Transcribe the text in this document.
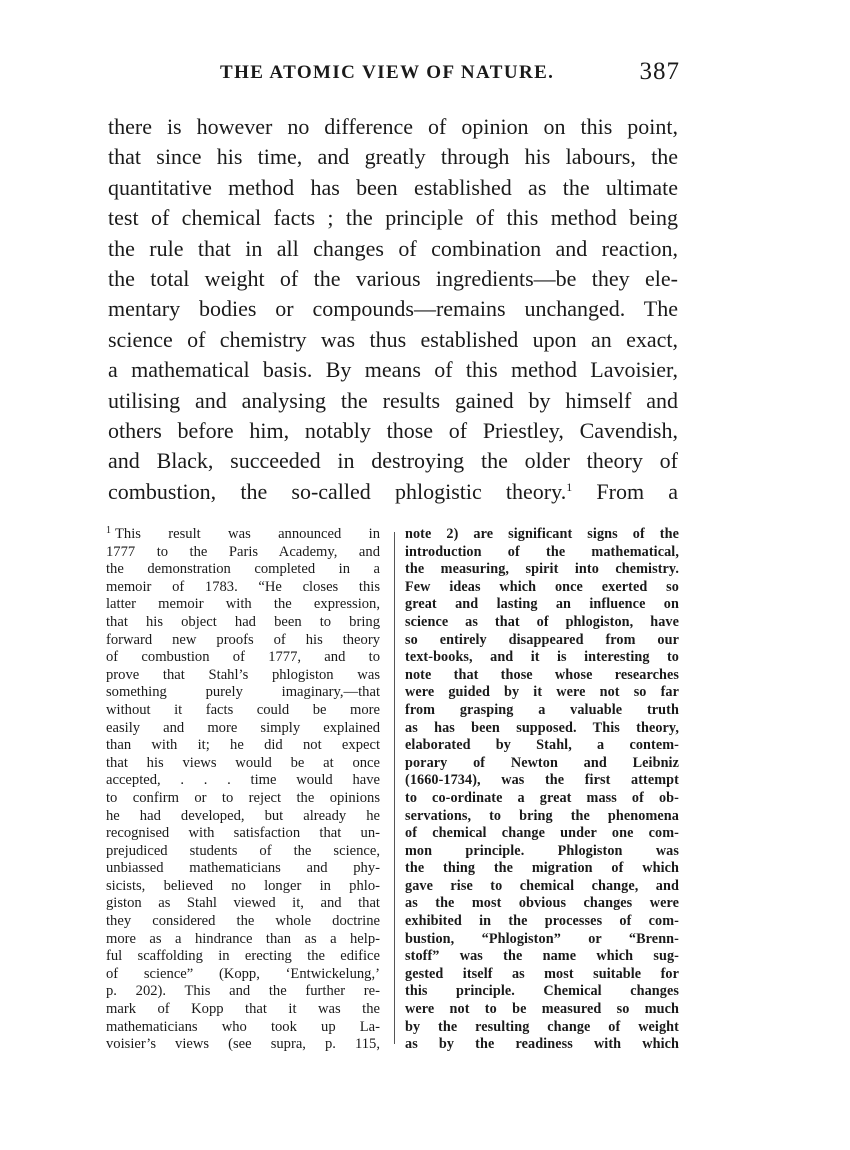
THE ATOMIC VIEW OF NATURE.	387
there is however no difference of opinion on this point,
that since his time, and greatly through his labours, the
quantitative method has been established as the ultimate
test of chemical facts ; the principle of this method being
the rule that in all changes of combination and reaction,
the total weight of the various ingredients—be they ele-
mentary bodies or compounds—remains unchanged. The
science of chemistry was thus established upon an exact,
a mathematical basis. By means of this method Lavoisier,
utilising and analysing the results gained by himself and
others before him, notably those of Priestley, Cavendish,
and Black, succeeded in destroying the older theory of
combustion, the so-called phlogistic theory.$^1$ From a
$^1$ This result was announced in
1777 to the Paris Academy, and
the demonstration completed in a
memoir of 1783. “He closes this
latter memoir with the expression,
that his object had been to bring
forward new proofs of his theory
of combustion of 1777, and to
prove that Stahl’s phlogiston was
something purely imaginary,—that
without it facts could be more
easily and more simply explained
than with it; he did not expect
that his views would be at once
accepted, . . . time would have
to confirm or to reject the opinions
he had developed, but already he
recognised with satisfaction that un-
prejudiced students of the science,
unbiassed mathematicians and phy-
sicists, believed no longer in phlo-
giston as Stahl viewed it, and that
they considered the whole doctrine
more as a hindrance than as a help-
ful scaffolding in erecting the edifice
of science” (Kopp, ‘Entwickelung,’
p. 202). This and the further re-
mark of Kopp that it was the
mathematicians who took up La-
voisier’s views (see supra, p. 115,
note 2) are significant signs of the
introduction of the mathematical,
the measuring, spirit into chemistry.
Few ideas which once exerted so
great and lasting an influence on
science as that of phlogiston, have
so entirely disappeared from our
text-books, and it is interesting to
note that those whose researches
were guided by it were not so far
from grasping a valuable truth
as has been supposed. This theory,
elaborated by Stahl, a contem-
porary of Newton and Leibniz
(1660-1734), was the first attempt
to co-ordinate a great mass of ob-
servations, to bring the phenomena
of chemical change under one com-
mon principle. Phlogiston was
the thing the migration of which
gave rise to chemical change, and
as the most obvious changes were
exhibited in the processes of com-
bustion, “Phlogiston” or “Brenn-
stoff” was the name which sug-
gested itself as most suitable for
this principle. Chemical changes
were not to be measured so much
by the resulting change of weight
as by the readiness with which
